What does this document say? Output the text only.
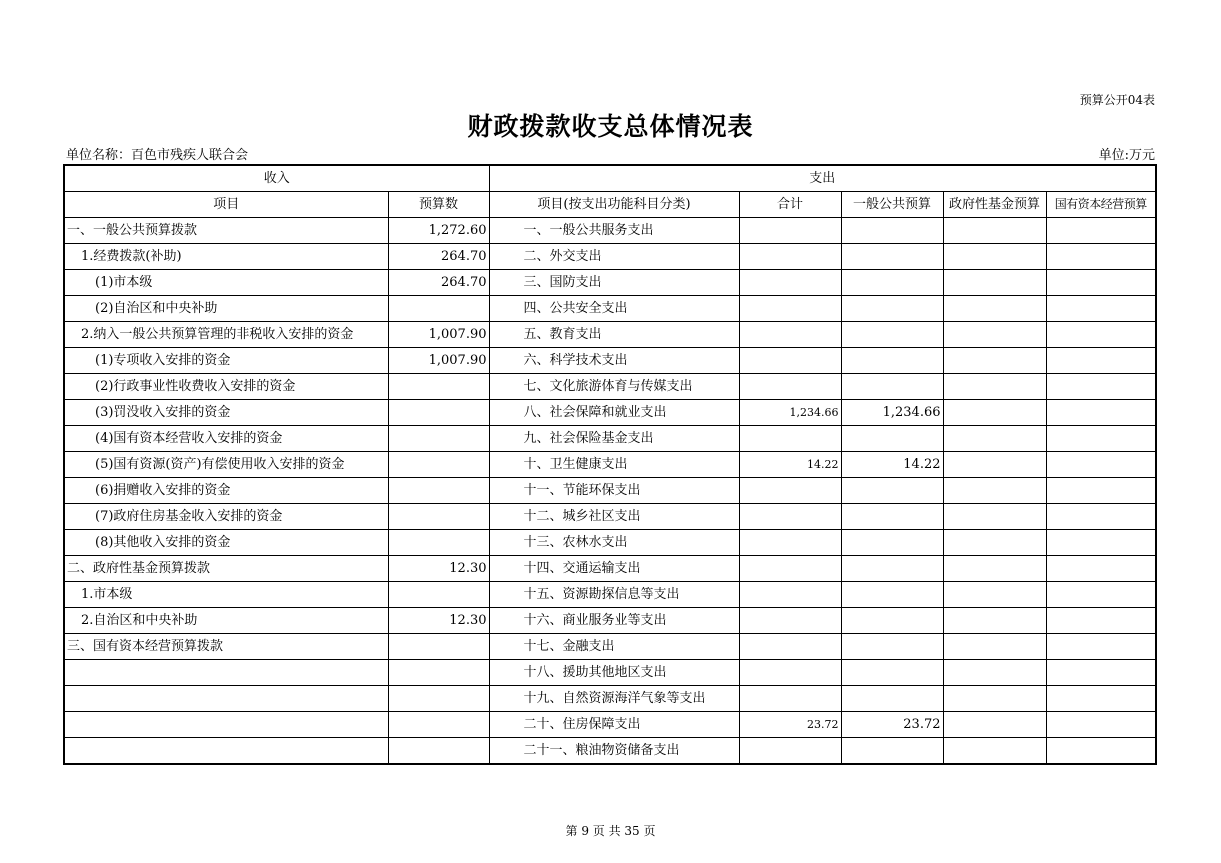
预算公开04表
财政拨款收支总体情况表
单位名称：百色市残疾人联合会	单位:万元
收入		支出				
项目	预算数	项目(按支出功能科目分类)	合计	一般公共预算	政府性基金预算	国有资本经营预算
一、一般公共预算拨款	1,272.60	一、一般公共服务支出				
1.经费拨款(补助)	264.70	二、外交支出				
(1)市本级	264.70	三、国防支出				
(2)自治区和中央补助		四、公共安全支出				
2.纳入一般公共预算管理的非税收入安排的资金	1,007.90	五、教育支出				
(1)专项收入安排的资金	1,007.90	六、科学技术支出				
(2)行政事业性收费收入安排的资金		七、文化旅游体育与传媒支出				
(3)罚没收入安排的资金		八、社会保障和就业支出	1,234.66	1,234.66		
(4)国有资本经营收入安排的资金		九、社会保险基金支出				
(5)国有资源(资产)有偿使用收入安排的资金		十、卫生健康支出	14.22	14.22		
(6)捐赠收入安排的资金		十一、节能环保支出				
(7)政府住房基金收入安排的资金		十二、城乡社区支出				
(8)其他收入安排的资金		十三、农林水支出				
二、政府性基金预算拨款	12.30	十四、交通运输支出				
1.市本级		十五、资源勘探信息等支出				
2.自治区和中央补助	12.30	十六、商业服务业等支出				
三、国有资本经营预算拨款		十七、金融支出				
		十八、援助其他地区支出				
		十九、自然资源海洋气象等支出				
		二十、住房保障支出	23.72	23.72		
		二十一、粮油物资储备支出				
第 9 页 共 35 页
